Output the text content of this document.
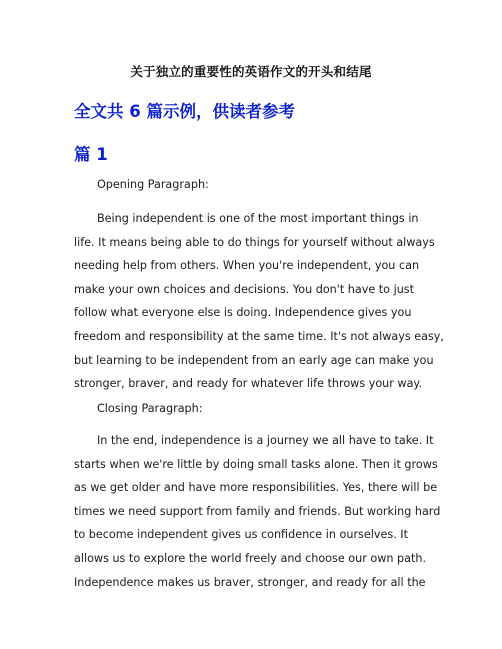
关于独立的重要性的英语作文的开头和结尾
全文共 6 篇示例，供读者参考
篇 1
Opening Paragraph:
Being independent is one of the most important things in
life. It means being able to do things for yourself without always
needing help from others. When you're independent, you can
make your own choices and decisions. You don't have to just
follow what everyone else is doing. Independence gives you
freedom and responsibility at the same time. It's not always easy,
but learning to be independent from an early age can make you
stronger, braver, and ready for whatever life throws your way.
Closing Paragraph:
In the end, independence is a journey we all have to take. It
starts when we're little by doing small tasks alone. Then it grows
as we get older and have more responsibilities. Yes, there will be
times we need support from family and friends. But working hard
to become independent gives us confidence in ourselves. It
allows us to explore the world freely and choose our own path.
Independence makes us braver, stronger, and ready for all the
